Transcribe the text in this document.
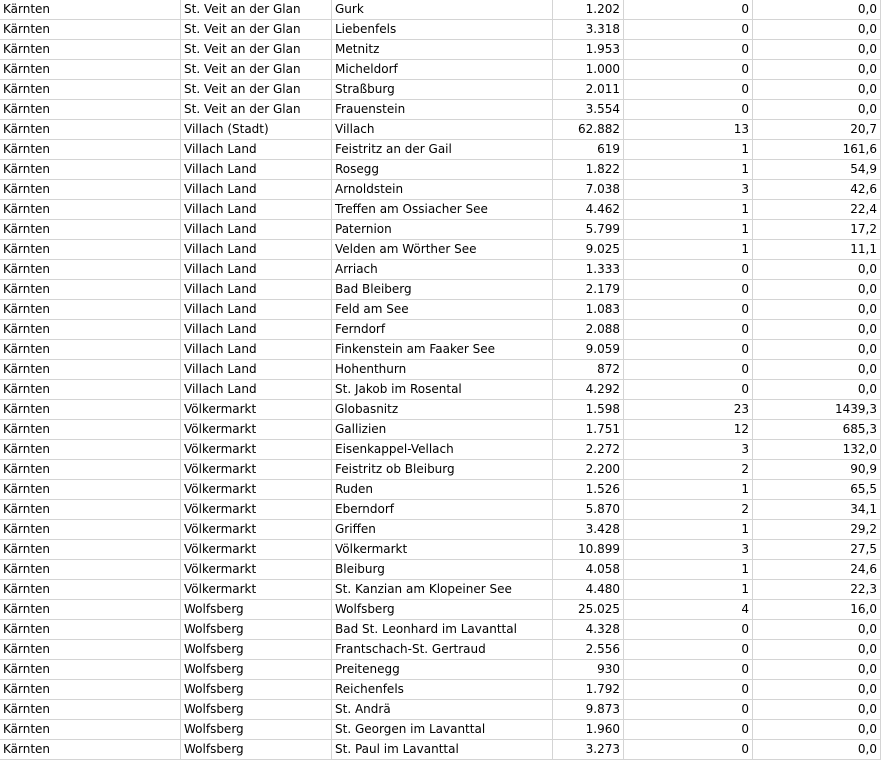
Kärnten	St. Veit an der Glan	Gurk	1.202	0	0,0
Kärnten	St. Veit an der Glan	Liebenfels	3.318	0	0,0
Kärnten	St. Veit an der Glan	Metnitz	1.953	0	0,0
Kärnten	St. Veit an der Glan	Micheldorf	1.000	0	0,0
Kärnten	St. Veit an der Glan	Straßburg	2.011	0	0,0
Kärnten	St. Veit an der Glan	Frauenstein	3.554	0	0,0
Kärnten	Villach (Stadt)	Villach	62.882	13	20,7
Kärnten	Villach Land	Feistritz an der Gail	619	1	161,6
Kärnten	Villach Land	Rosegg	1.822	1	54,9
Kärnten	Villach Land	Arnoldstein	7.038	3	42,6
Kärnten	Villach Land	Treffen am Ossiacher See	4.462	1	22,4
Kärnten	Villach Land	Paternion	5.799	1	17,2
Kärnten	Villach Land	Velden am Wörther See	9.025	1	11,1
Kärnten	Villach Land	Arriach	1.333	0	0,0
Kärnten	Villach Land	Bad Bleiberg	2.179	0	0,0
Kärnten	Villach Land	Feld am See	1.083	0	0,0
Kärnten	Villach Land	Ferndorf	2.088	0	0,0
Kärnten	Villach Land	Finkenstein am Faaker See	9.059	0	0,0
Kärnten	Villach Land	Hohenthurn	872	0	0,0
Kärnten	Villach Land	St. Jakob im Rosental	4.292	0	0,0
Kärnten	Völkermarkt	Globasnitz	1.598	23	1439,3
Kärnten	Völkermarkt	Gallizien	1.751	12	685,3
Kärnten	Völkermarkt	Eisenkappel-Vellach	2.272	3	132,0
Kärnten	Völkermarkt	Feistritz ob Bleiburg	2.200	2	90,9
Kärnten	Völkermarkt	Ruden	1.526	1	65,5
Kärnten	Völkermarkt	Eberndorf	5.870	2	34,1
Kärnten	Völkermarkt	Griffen	3.428	1	29,2
Kärnten	Völkermarkt	Völkermarkt	10.899	3	27,5
Kärnten	Völkermarkt	Bleiburg	4.058	1	24,6
Kärnten	Völkermarkt	St. Kanzian am Klopeiner See	4.480	1	22,3
Kärnten	Wolfsberg	Wolfsberg	25.025	4	16,0
Kärnten	Wolfsberg	Bad St. Leonhard im Lavanttal	4.328	0	0,0
Kärnten	Wolfsberg	Frantschach-St. Gertraud	2.556	0	0,0
Kärnten	Wolfsberg	Preitenegg	930	0	0,0
Kärnten	Wolfsberg	Reichenfels	1.792	0	0,0
Kärnten	Wolfsberg	St. Andrä	9.873	0	0,0
Kärnten	Wolfsberg	St. Georgen im Lavanttal	1.960	0	0,0
Kärnten	Wolfsberg	St. Paul im Lavanttal	3.273	0	0,0
